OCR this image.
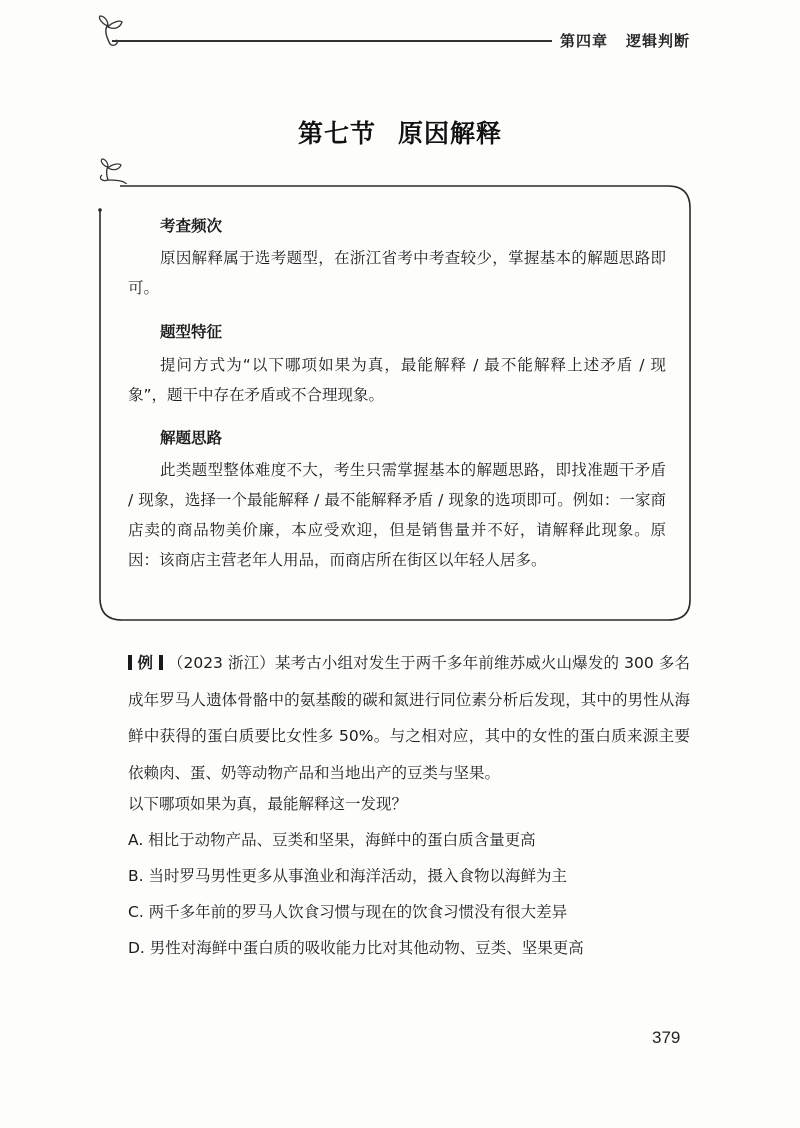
第四章 逻辑判断
第七节 原因解释
考查频次
原因解释属于选考题型，在浙江省考中考查较少，掌握基本的解题思路即可。
题型特征
提问方式为“以下哪项如果为真，最能解释 / 最不能解释上述矛盾 / 现象”，题干中存在矛盾或不合理现象。
解题思路
此类题型整体难度不大，考生只需掌握基本的解题思路，即找准题干矛盾 / 现象，选择一个最能解释 / 最不能解释矛盾 / 现象的选项即可。例如：一家商店卖的商品物美价廉，本应受欢迎，但是销售量并不好，请解释此现象。原因：该商店主营老年人用品，而商店所在街区以年轻人居多。
例 （2023 浙江）某考古小组对发生于两千多年前维苏威火山爆发的 300 多名成年罗马人遗体骨骼中的氨基酸的碳和氮进行同位素分析后发现，其中的男性从海鲜中获得的蛋白质要比女性多 50%。与之相对应，其中的女性的蛋白质来源主要依赖肉、蛋、奶等动物产品和当地出产的豆类与坚果。
以下哪项如果为真，最能解释这一发现？
A. 相比于动物产品、豆类和坚果，海鲜中的蛋白质含量更高
B. 当时罗马男性更多从事渔业和海洋活动，摄入食物以海鲜为主
C. 两千多年前的罗马人饮食习惯与现在的饮食习惯没有很大差异
D. 男性对海鲜中蛋白质的吸收能力比对其他动物、豆类、坚果更高
379
